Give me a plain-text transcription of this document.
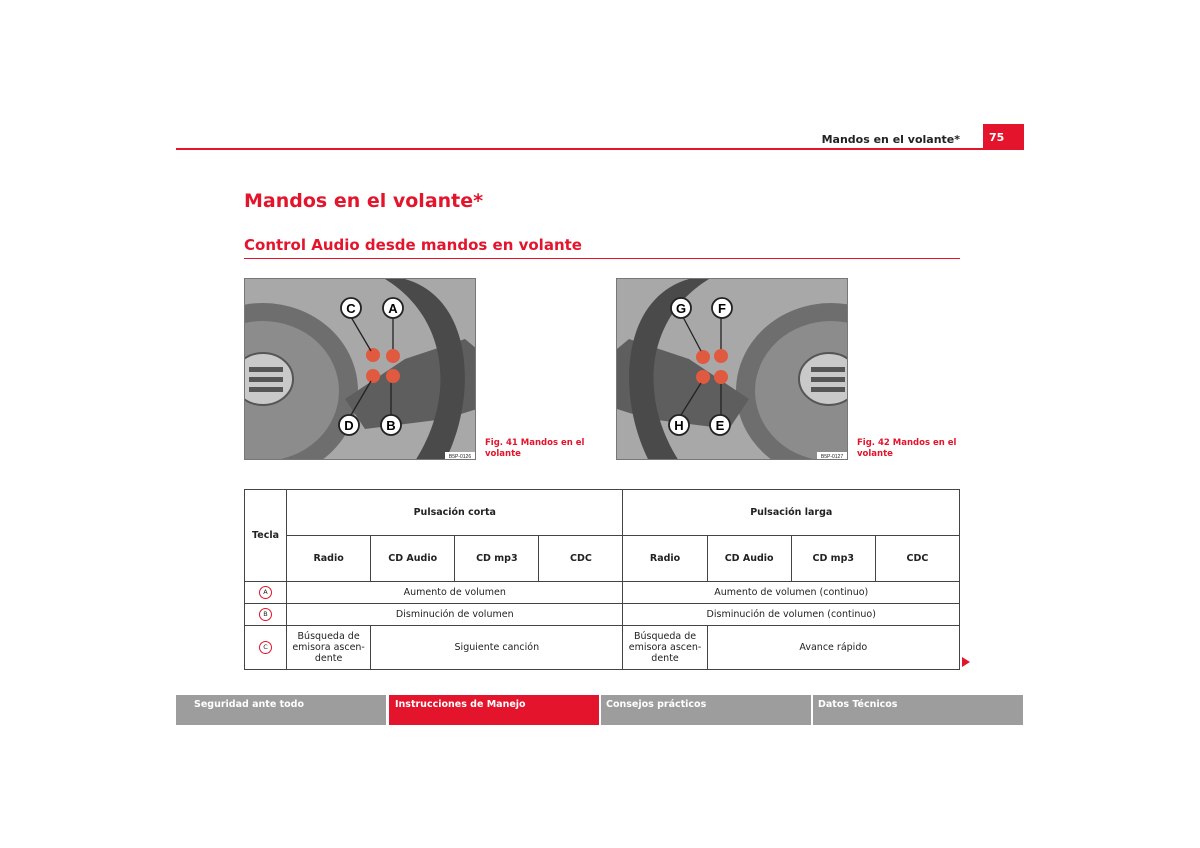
Mandos en el volante*	75
Mandos en el volante*
Control Audio desde mandos en volante
C	A
D	B
B5P-0126
Fig. 41 Mandos en el volante
G F
H E
B5P-0127
Fig. 42 Mandos en el volante
Tecla	Pulsación corta				Pulsación larga			
	Radio	CD Audio	CD mp3	CDC	Radio	CD Audio	CD mp3	CDC
A	Aumento de volumen				Aumento de volumen (continuo)			
B	Disminución de volumen				Disminución de volumen (continuo)			
C	Búsqueda de emisora ascen-dente	Siguiente canción			Búsqueda de emisora ascen-dente	Avance rápido		
Seguridad ante todo	Instrucciones de Manejo	Consejos prácticos	Datos Técnicos
